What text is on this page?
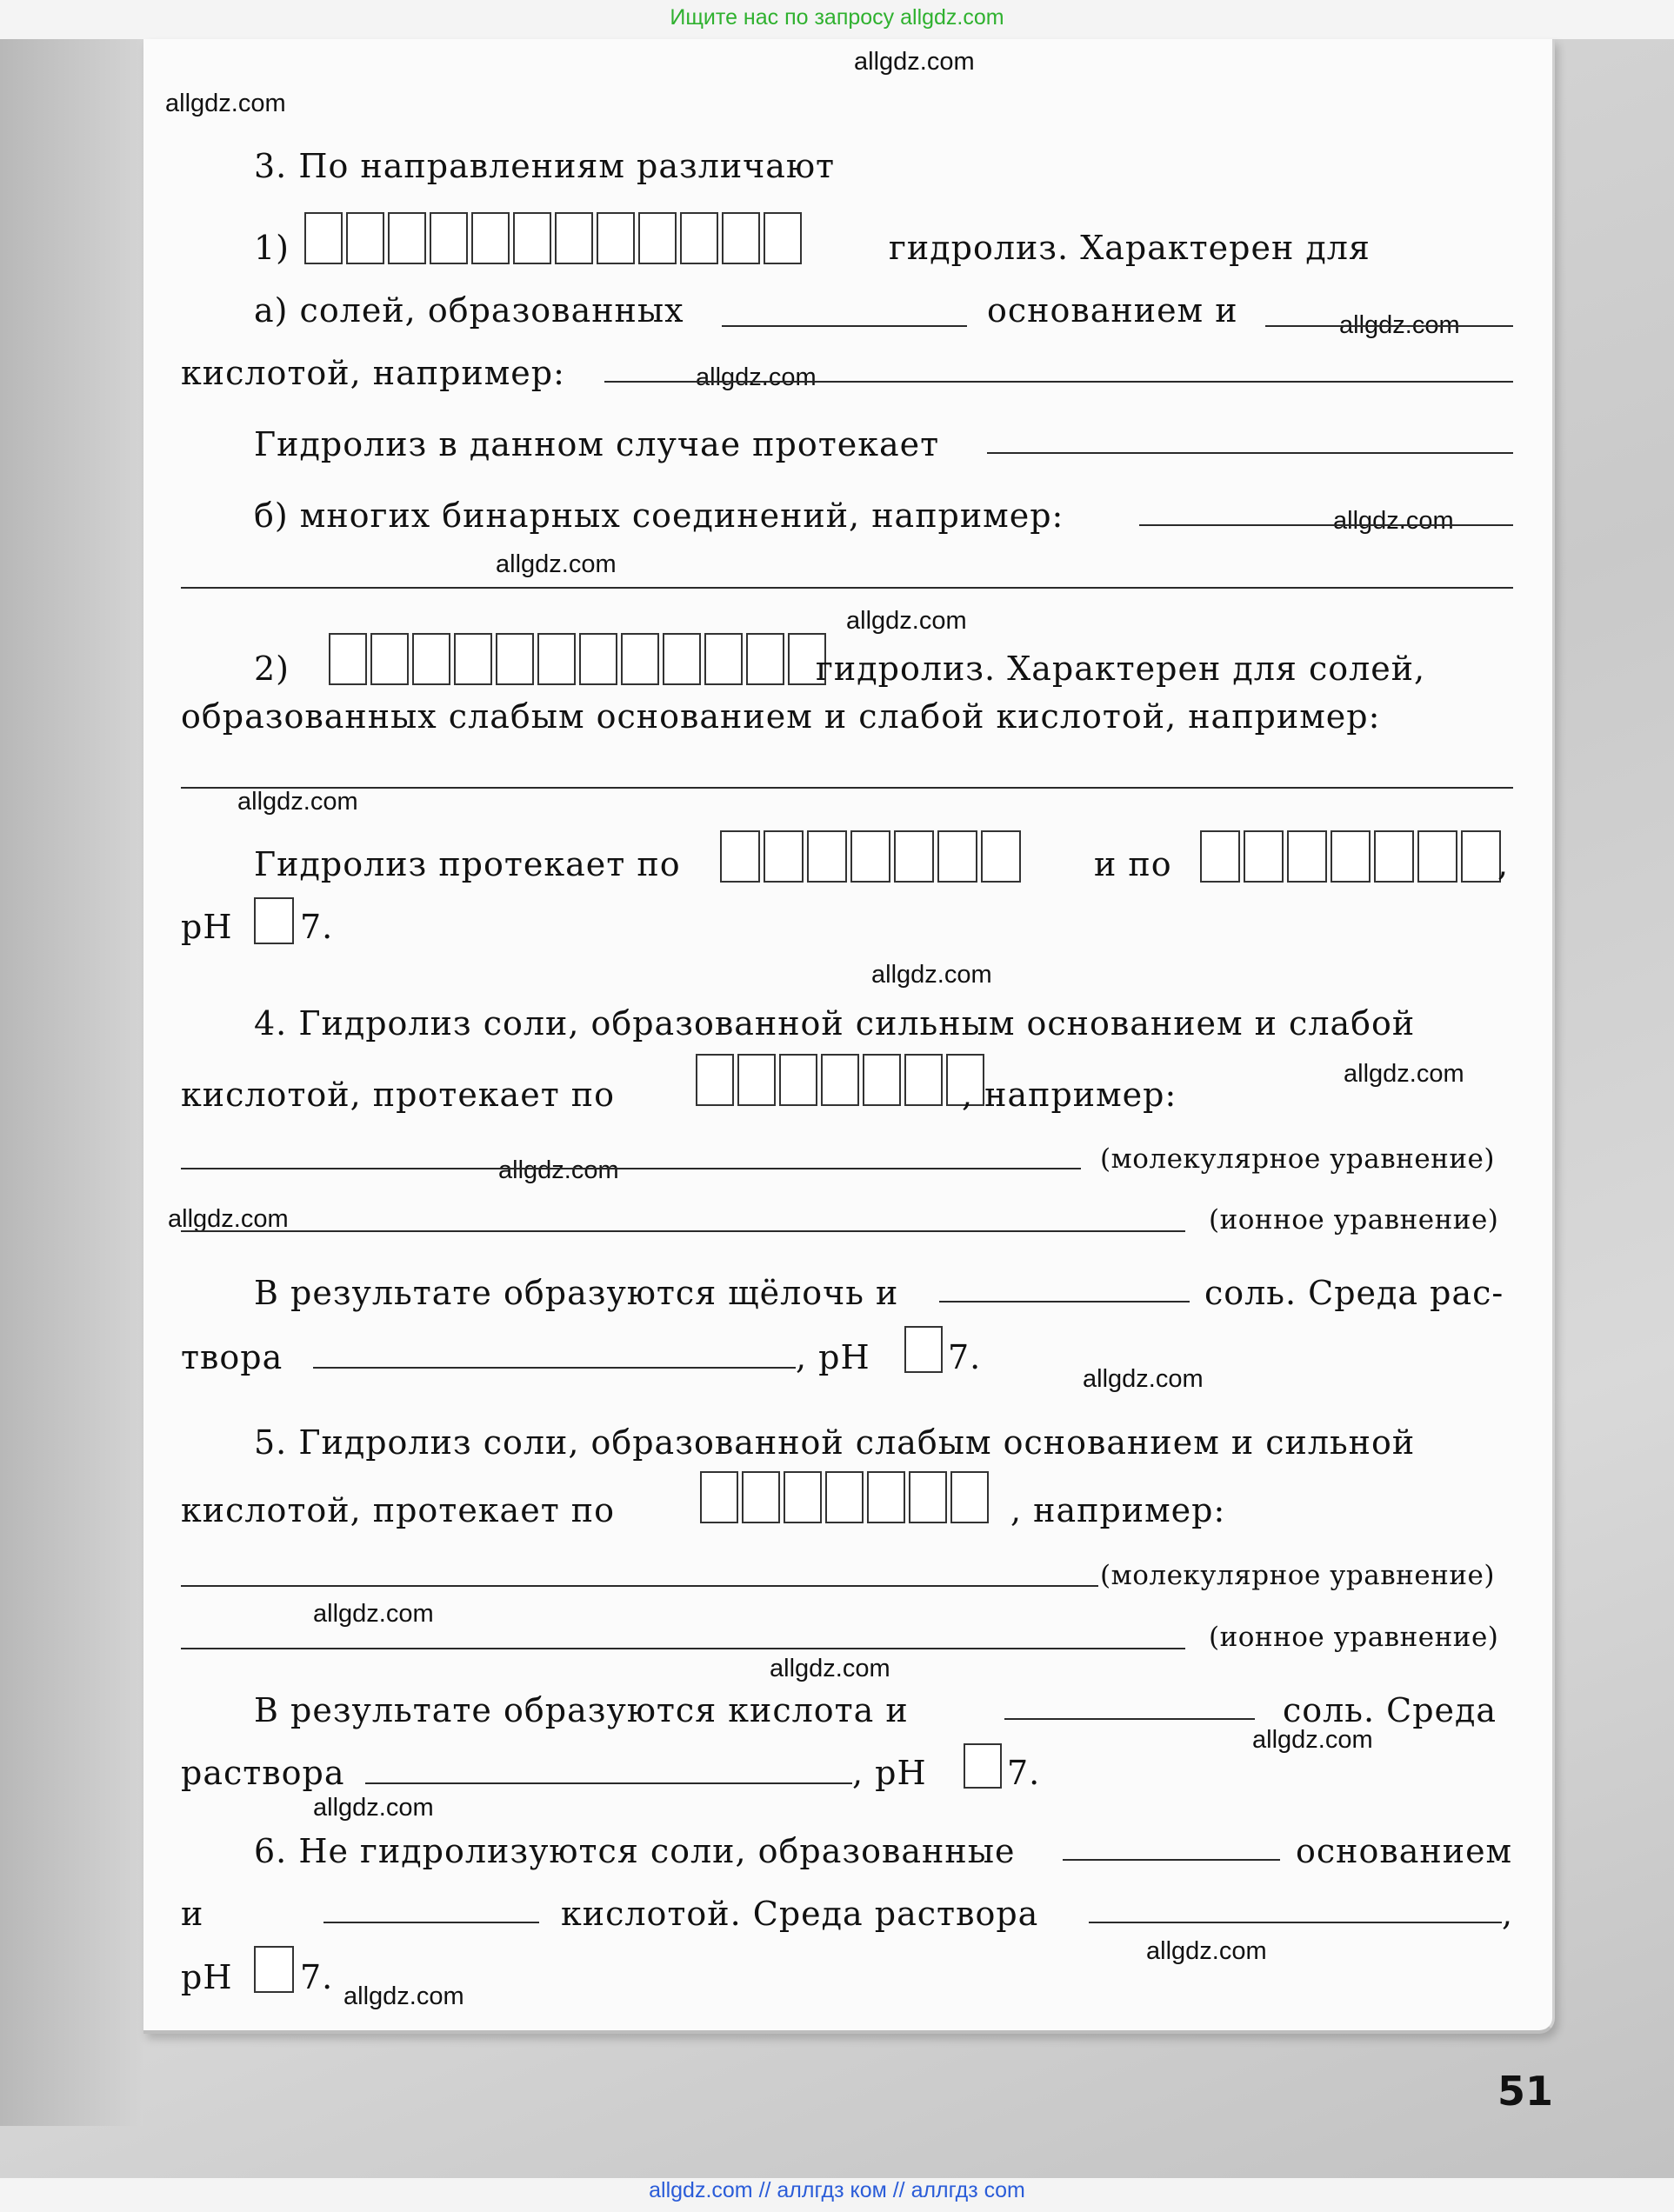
Ищите нас по запросу allgdz.com
allgdz.com
allgdz.com
allgdz.com
allgdz.com
allgdz.com
allgdz.com
allgdz.com
allgdz.com
allgdz.com
allgdz.com
allgdz.com
allgdz.com
allgdz.com
allgdz.com
allgdz.com
allgdz.com
allgdz.com
allgdz.com
allgdz.com
3. По направлениям различают
1)	гидролиз. Характерен для
а) солей, образованных	основанием и
кислотой, например:
Гидролиз в данном случае протекает
б) многих бинарных соединений, например:
2)	гидролиз. Характерен для солей,
образованных слабым основанием и слабой кислотой, например:
Гидролиз протекает по	и по	,
pH 7.
4. Гидролиз соли, образованной сильным основанием и слабой
кислотой, протекает по	, например:
(молекулярное уравнение)
(ионное уравнение)
В результате образуются щёлочь и	соль. Среда рас-
твора	, pH 7.
5. Гидролиз соли, образованной слабым основанием и сильной
кислотой, протекает по	, например:
(молекулярное уравнение)
(ионное уравнение)
В результате образуются кислота и	соль. Среда
раствора	, pH 7.
6. Не гидролизуются соли, образованные	основанием
и	кислотой. Среда раствора	,
pH 7.
51
allgdz.com // аллгдз ком // аллгдз com
